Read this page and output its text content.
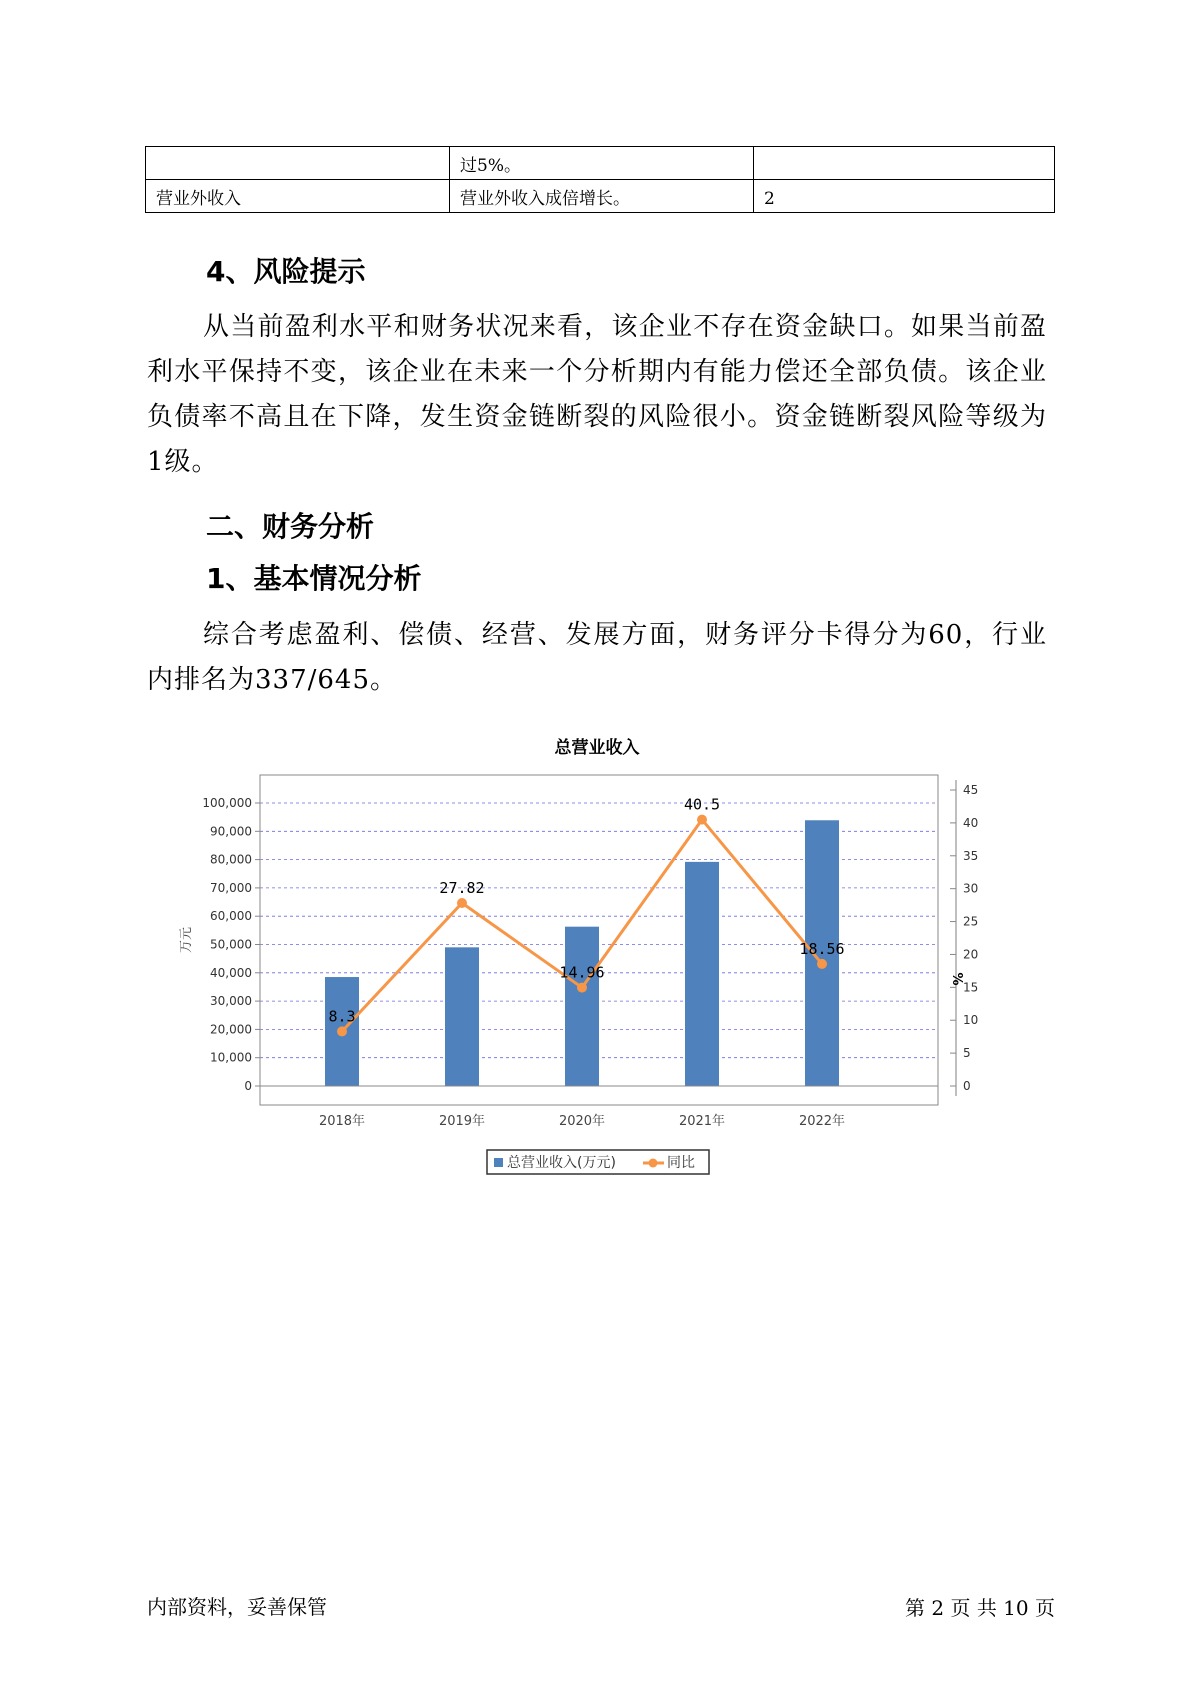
	过5%。	
营业外收入	营业外收入成倍增长。	2
4、风险提示

从当前盈利水平和财务状况来看，该企业不存在资金缺口。如果当前盈利水平保持不变，该企业在未来一个分析期内有能力偿还全部负债。该企业负债率不高且在下降，发生资金链断裂的风险很小。资金链断裂风险等级为1级。

二、财务分析
1、基本情况分析

综合考虑盈利、偿债、经营、发展方面，财务评分卡得分为60，行业内排名为337/645。

总营业收入
8.3
27.82
14.96
40.5
18.56
0
10,000
20,000
30,000
40,000
50,000
60,000
70,000
80,000
90,000
100,000
0
5
10
15
20
25
30
35
40
45
2018年	2019年	2020年	2021年	2022年
万元
%
总营业收入(万元)	同比
内部资料，妥善保管	第 2 页 共 10 页
